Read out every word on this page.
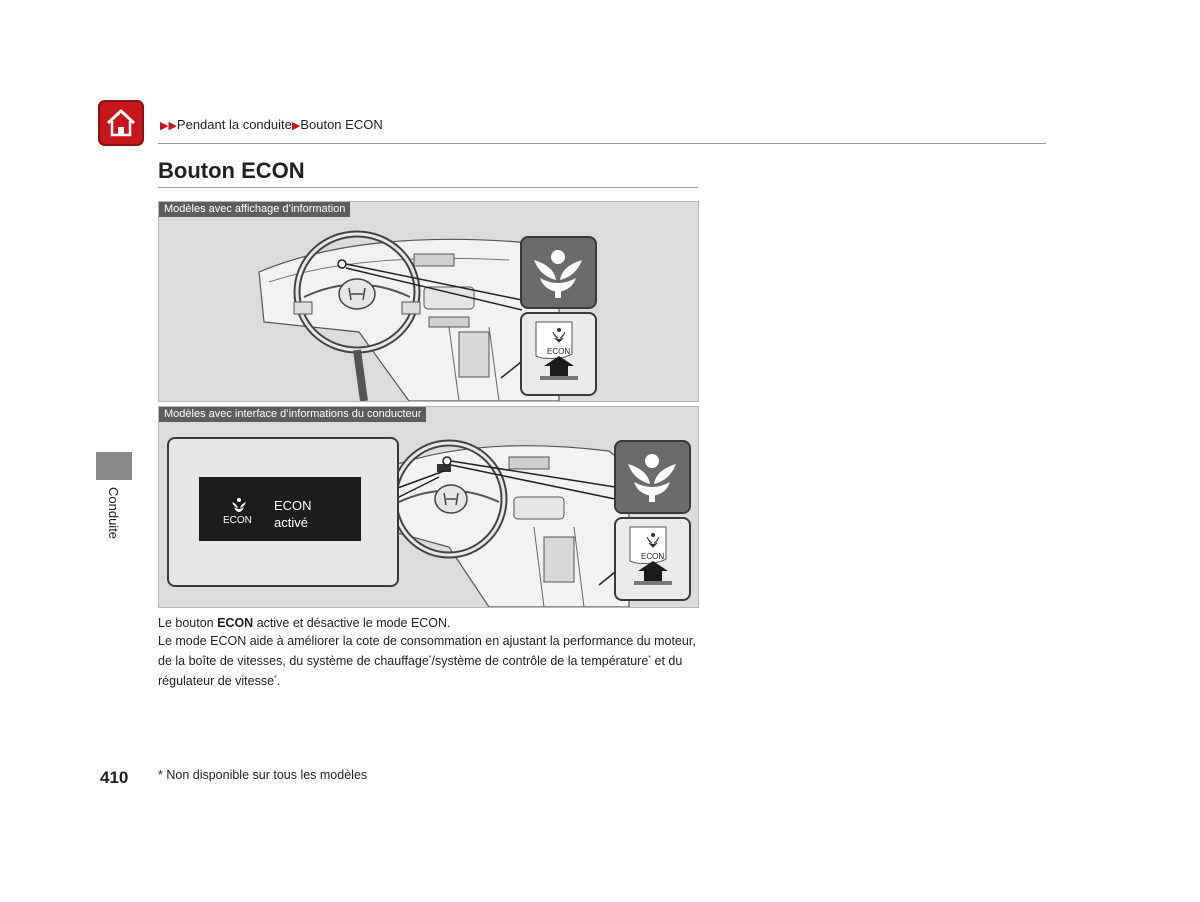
▶▶Pendant la conduite▶Bouton ECON
Bouton ECON
Modèles avec affichage d’information
ECON
Modèles avec interface d’informations du conducteur
ECON
ECON
activé
ECON

Le bouton ECON active et désactive le mode ECON.

Le mode ECON aide à améliorer la cote de consommation en ajustant la performance du moteur, de la boîte de vitesses, du système de chauffage*/système de contrôle de la température* et du régulateur de vitesse*.

Conduite
410 * Non disponible sur tous les modèles
